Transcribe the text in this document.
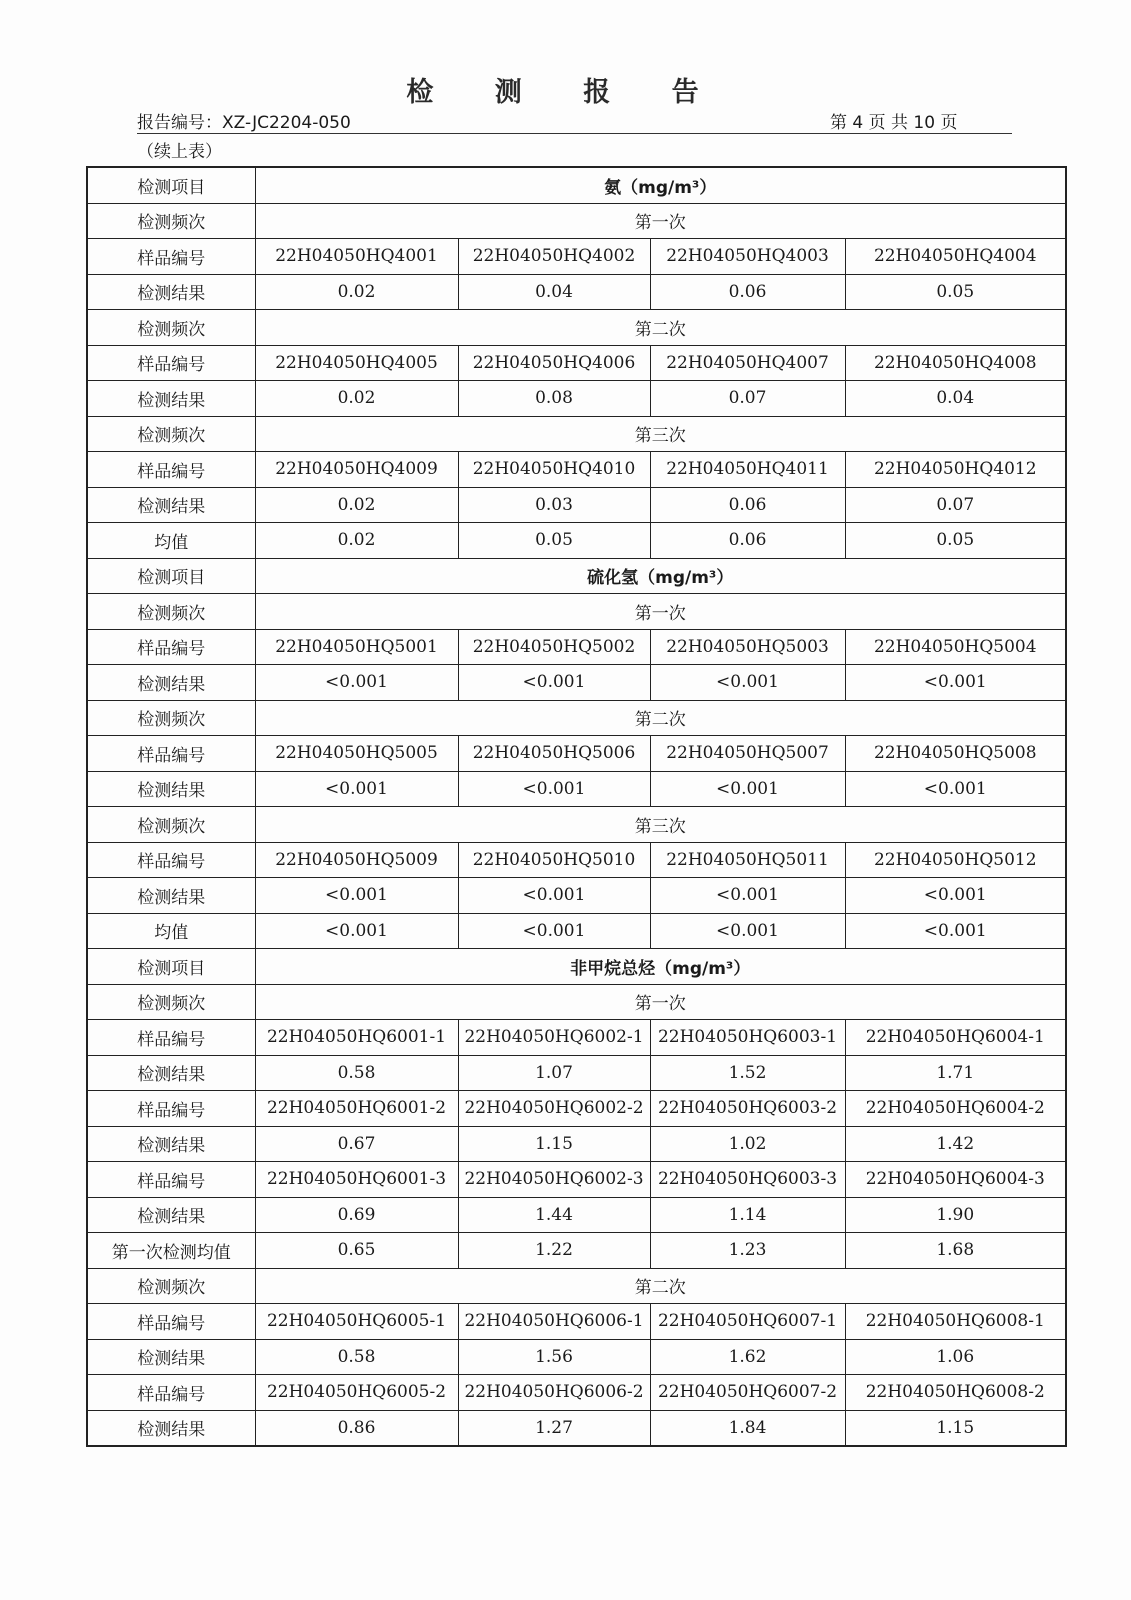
检 测 报 告
报告编号：XZ-JC2204-050	第 4 页 共 10 页
（续上表）
检测项目	氨（mg/m³）			
检测频次	第一次			
样品编号	22H04050HQ4001	22H04050HQ4002	22H04050HQ4003	22H04050HQ4004
检测结果	0.02	0.04	0.06	0.05
检测频次	第二次			
样品编号	22H04050HQ4005	22H04050HQ4006	22H04050HQ4007	22H04050HQ4008
检测结果	0.02	0.08	0.07	0.04
检测频次	第三次			
样品编号	22H04050HQ4009	22H04050HQ4010	22H04050HQ4011	22H04050HQ4012
检测结果	0.02	0.03	0.06	0.07
均值	0.02	0.05	0.06	0.05
检测项目	硫化氢（mg/m³）			
检测频次	第一次			
样品编号	22H04050HQ5001	22H04050HQ5002	22H04050HQ5003	22H04050HQ5004
检测结果	<0.001	<0.001	<0.001	<0.001
检测频次	第二次			
样品编号	22H04050HQ5005	22H04050HQ5006	22H04050HQ5007	22H04050HQ5008
检测结果	<0.001	<0.001	<0.001	<0.001
检测频次	第三次			
样品编号	22H04050HQ5009	22H04050HQ5010	22H04050HQ5011	22H04050HQ5012
检测结果	<0.001	<0.001	<0.001	<0.001
均值	<0.001	<0.001	<0.001	<0.001
检测项目	非甲烷总烃（mg/m³）			
检测频次	第一次			
样品编号	22H04050HQ6001-1	22H04050HQ6002-1	22H04050HQ6003-1	22H04050HQ6004-1
检测结果	0.58	1.07	1.52	1.71
样品编号	22H04050HQ6001-2	22H04050HQ6002-2	22H04050HQ6003-2	22H04050HQ6004-2
检测结果	0.67	1.15	1.02	1.42
样品编号	22H04050HQ6001-3	22H04050HQ6002-3	22H04050HQ6003-3	22H04050HQ6004-3
检测结果	0.69	1.44	1.14	1.90
第一次检测均值	0.65	1.22	1.23	1.68
检测频次	第二次			
样品编号	22H04050HQ6005-1	22H04050HQ6006-1	22H04050HQ6007-1	22H04050HQ6008-1
检测结果	0.58	1.56	1.62	1.06
样品编号	22H04050HQ6005-2	22H04050HQ6006-2	22H04050HQ6007-2	22H04050HQ6008-2
检测结果	0.86	1.27	1.84	1.15
